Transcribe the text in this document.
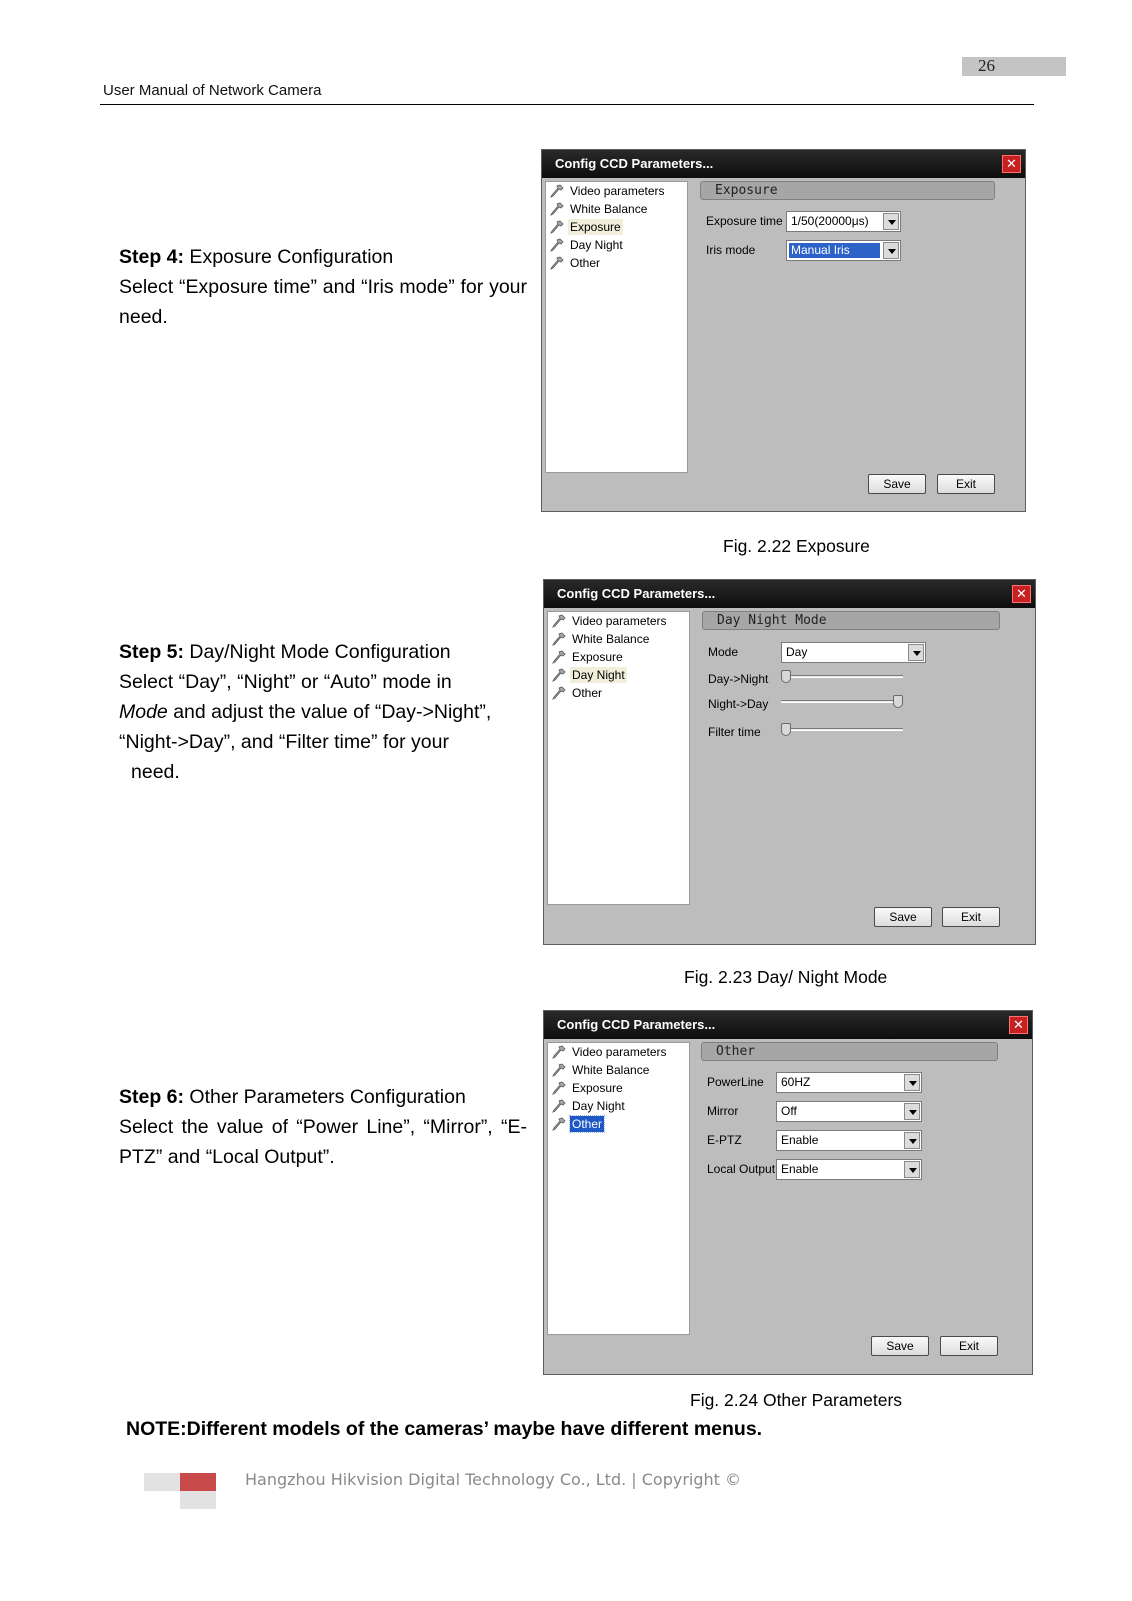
26
User Manual of Network Camera
Step 4: Exposure Configuration
Select “Exposure time” and “Iris mode” for your need.
Config CCD Parameters...	✕
Video parameters
White Balance
Exposure
Day Night
Other
Exposure
Exposure time 1/50(20000μs)
Iris mode	Manual Iris
Save	Exit
Fig. 2.22 Exposure
Step 5: Day/Night Mode Configuration
Select “Day”, “Night” or “Auto” mode in
Mode and adjust the value of “Day->Night”,
“Night->Day”, and “Filter time” for your
need.
Config CCD Parameters...	✕
Video parameters
White Balance
Exposure
Day Night
Other
Day Night Mode
Mode	Day
Day->Night
Night->Day
Filter time
Save	Exit
Fig. 2.23 Day/ Night Mode
Step 6: Other Parameters Configuration
Select the value of “Power Line”, “Mirror”, “E-PTZ” and “Local Output”.
Config CCD Parameters...	✕
Video parameters
White Balance
Exposure
Day Night
Other
Other
PowerLine 60HZ
Mirror	Off
E-PTZ	Enable
Local Output Enable
Save	Exit
Fig. 2.24 Other Parameters
NOTE:Different models of the cameras’ maybe have different menus.
Hangzhou Hikvision Digital Technology Co., Ltd. | Copyright ©
